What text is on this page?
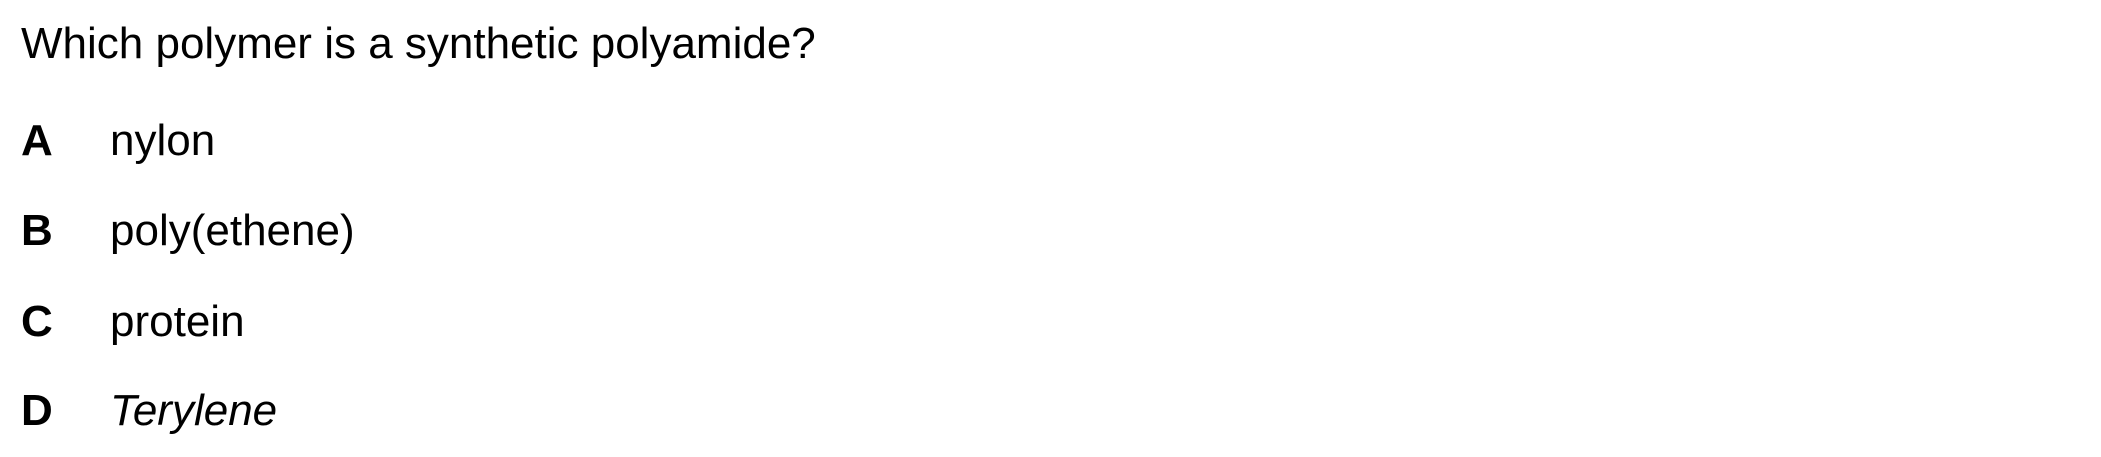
Which polymer is a synthetic polyamide?
A nylon
B poly(ethene)
C protein
D Terylene
